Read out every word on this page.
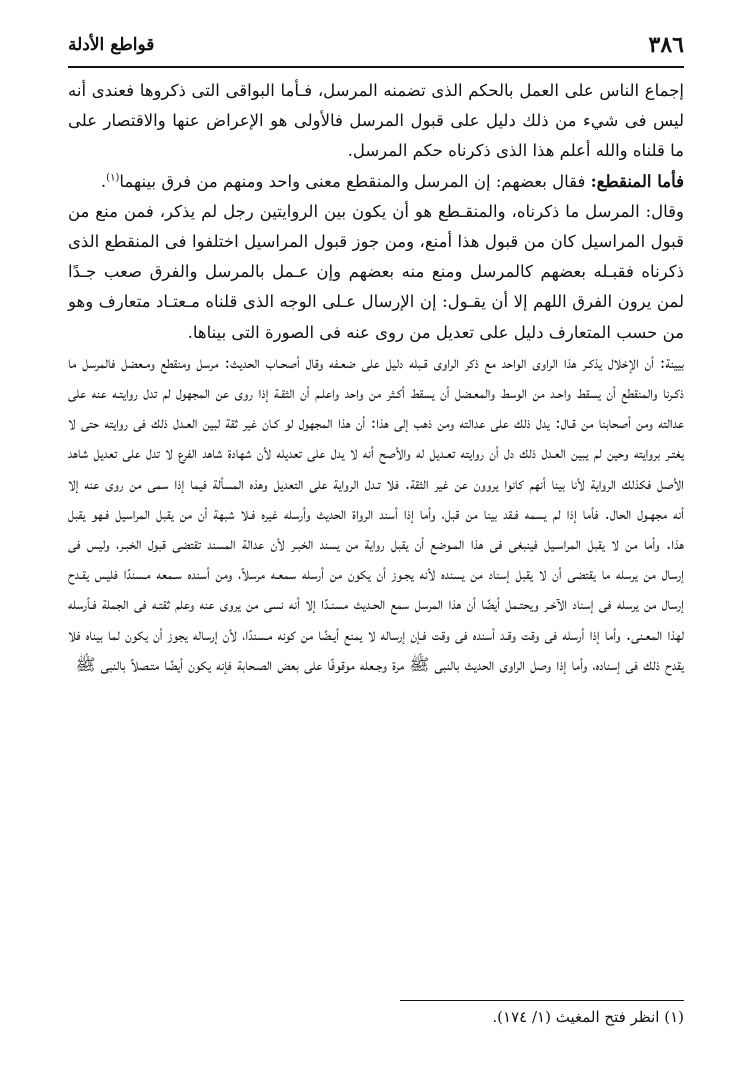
٣٨٦
قواطع الأدلة

إجماع الناس على العمل بالحكم الذى تضمنه المرسل، فـأما البواقى التى ذكروها فعندى أنه ليس فى شيء من ذلك دليل على قبول المرسل فالأولى هو الإعراض عنها والاقتصار على ما قلناه والله أعلم هذا الذى ذكرناه حكم المرسل.

فأما المنقطع: فقال بعضهم: إن المرسل والمنقطع معنى واحد ومنهم من فرق بينهما$^{(١)}$.

وقال: المرسل ما ذكرناه، والمنقـطع هو أن يكون بين الروايتين رجل لم يذكر، فمن منع من قبول المراسيل كان من قبول هذا أمنع، ومن جوز قبول المراسيل اختلفوا فى المنقطع الذى ذكرناه فقبـله بعضهم كالمرسل ومنع منه بعضهم وإن عـمل بالمرسل والفرق صعب جـدًا لمن يرون الفرق اللهم إلا أن يقـول: إن الإرسال عـلى الوجه الذى قلناه مـعتـاد متعارف وهو من حسب المتعارف دليل على تعديل من روى عنه فى الصورة التى بيناها.

بيينة: أن الإخلال يذكـر هذا الراوى الواحد مع ذكر الراوى قـبله دليل على ضعـفه وقال أصحـاب الحديث: مرسل ومنقطع ومـعضل فالمرسل ما ذكـرنا والمنقطع أن يسقط واحـد من الوسط والمعـضل أن يسقط أكـثر من واحد واعلـم أن الثقـة إذا روى عن المجهول لم تدل روايتـه عنه على عدالته ومن أصحابنا من قـال: يدل ذلك على عدالته ومن ذهب إلى هذا: أن هذا المجهول لو كـان غير ثقة لبين العـدل ذلك فى روايته حتى لا يغتـر بروايته وحين لم يبين العـدل ذلك دل أن روايته تعـديل له والأصح أنه لا يدل على تعديله لأن شهادة شاهد الفرع لا تدل على تعديل شاهد الأصل فكذلك الرواية لأنا بينا أنهم كانوا يروون عن غير الثقة. فلا تـدل الرواية على التعديل وهذه المسألة فيما إذا سمى من روى عنه إلا أنه مجهـول الحال. فأما إذا لم يسمه فـقد بينا من قبل، وأما إذا أسند الرواة الحديث وأرسله غيره فـلا شبهة أن من يقبل المراسيل فـهو يقبل هذا. وأما من لا يقبل المراسـيل فينبغى فى هذا المـوضع أن يقبل رواية من يسند الخبـر لأن عدالة المسند تقتضى قبول الخبـر، وليس فى إرسال من يرسله ما يقتضى أن لا يقبل إسناد من يسنده لأنه يجـوز أن يكون من أرسله سمعـه مرسلاً، ومن أسنده سـمعه مـسندًا فليس يقـدح إرسال من يرسله فى إسناد الآخـر ويحتـمل أيضًا أن هذا المرسل سمع الحـديث مسنـدًا إلا أنه نسى من يروى عنه وعلم ثقتـه فى الجملة فـأرسله لهذا المعـنى. وأما إذا أرسله فى وقت وقـد أسنده فى وقت فـإن إرساله لا يمنع أيـضًا من كونه مـسندًا، لأن إرساله يجوز أن يكون لما بيناه فلا يقدح ذلك فى إسناده، وأما إذا وصل الراوى الحديث بالنبى ﷺ مرة وجـعله موقوفًا على بعض الصـحابة فإنه يكون أيضًا متـصلاً بالنبى ﷺ

(١) انظر فتح المغيث (١/ ١٧٤).
